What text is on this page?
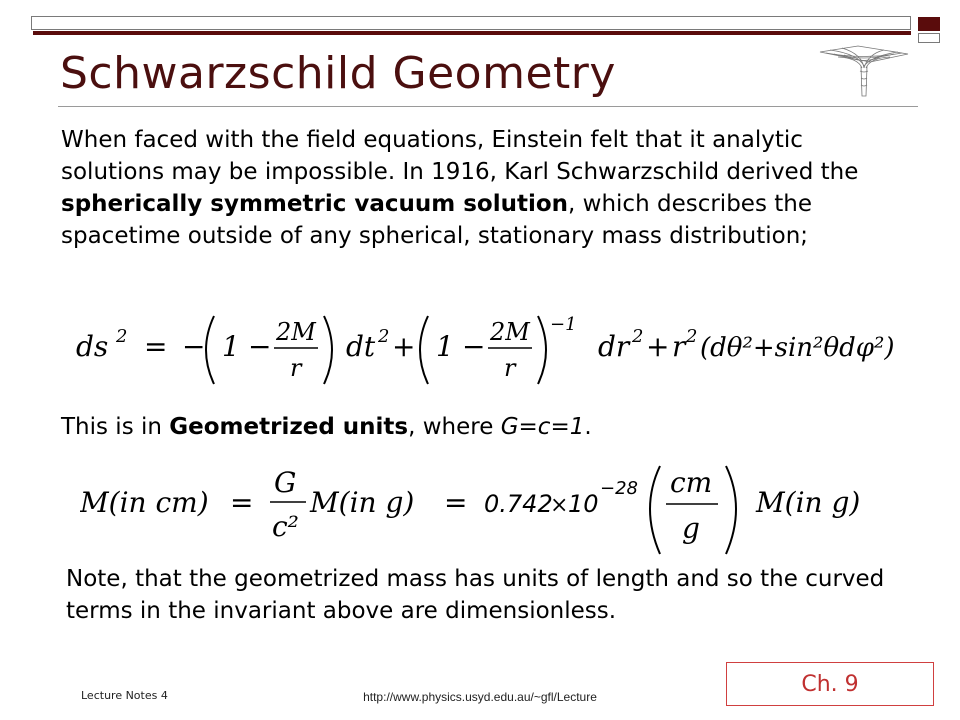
Schwarzschild Geometry

When faced with the field equations, Einstein felt that it analytic solutions may be impossible. In 1916, Karl Schwarzschild derived the spherically symmetric vacuum solution, which describes the spacetime outside of any spherical, stationary mass distribution;

ds 2 = − 1 − 2M
r
dt 2 + 1 − 2M
r
−1
dr 2 + r 2 (dθ²+sin²θdφ²)

This is in Geometrized units, where G=c=1.

M(in cm) =
G
c²
M(in g) = 0.742
× 10
−28 cm
g
M(in g)

Note, that the geometrized mass has units of length and so the curved terms in the invariant above are dimensionless.

Lecture Notes 4	http://www.physics.usyd.edu.au/~gfl/Lecture
Ch. 9
